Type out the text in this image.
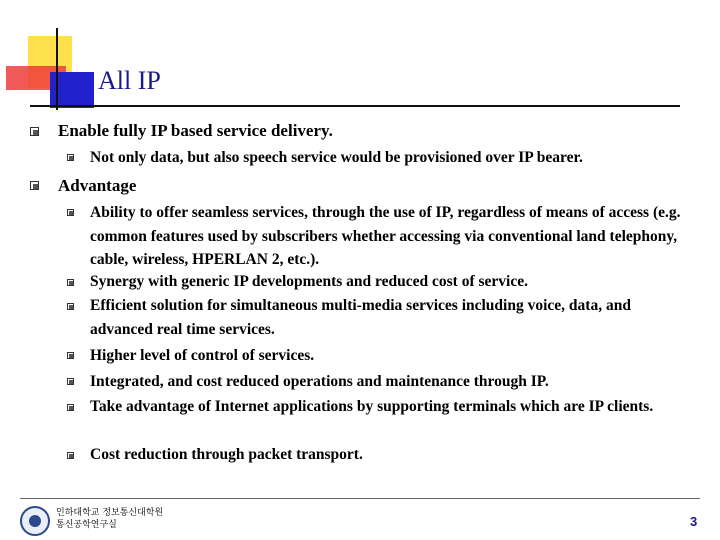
All IP
Enable fully IP based service delivery.
Not only data, but also speech service would be provisioned over IP bearer.
Advantage
Ability to offer seamless services, through the use of IP, regardless of means of access (e.g. common features used by subscribers whether accessing via conventional land telephony, cable, wireless, HPERLAN 2, etc.).
Synergy with generic IP developments and reduced cost of service.
Efficient solution for simultaneous multi-media services including voice, data, and advanced real time services.
Higher level of control of services.
Integrated, and cost reduced operations and maintenance through IP.
Take advantage of Internet applications by supporting terminals which are IP clients.
Cost reduction through packet transport.
인하대학교 정보통신대학원
통신공학연구실	3
